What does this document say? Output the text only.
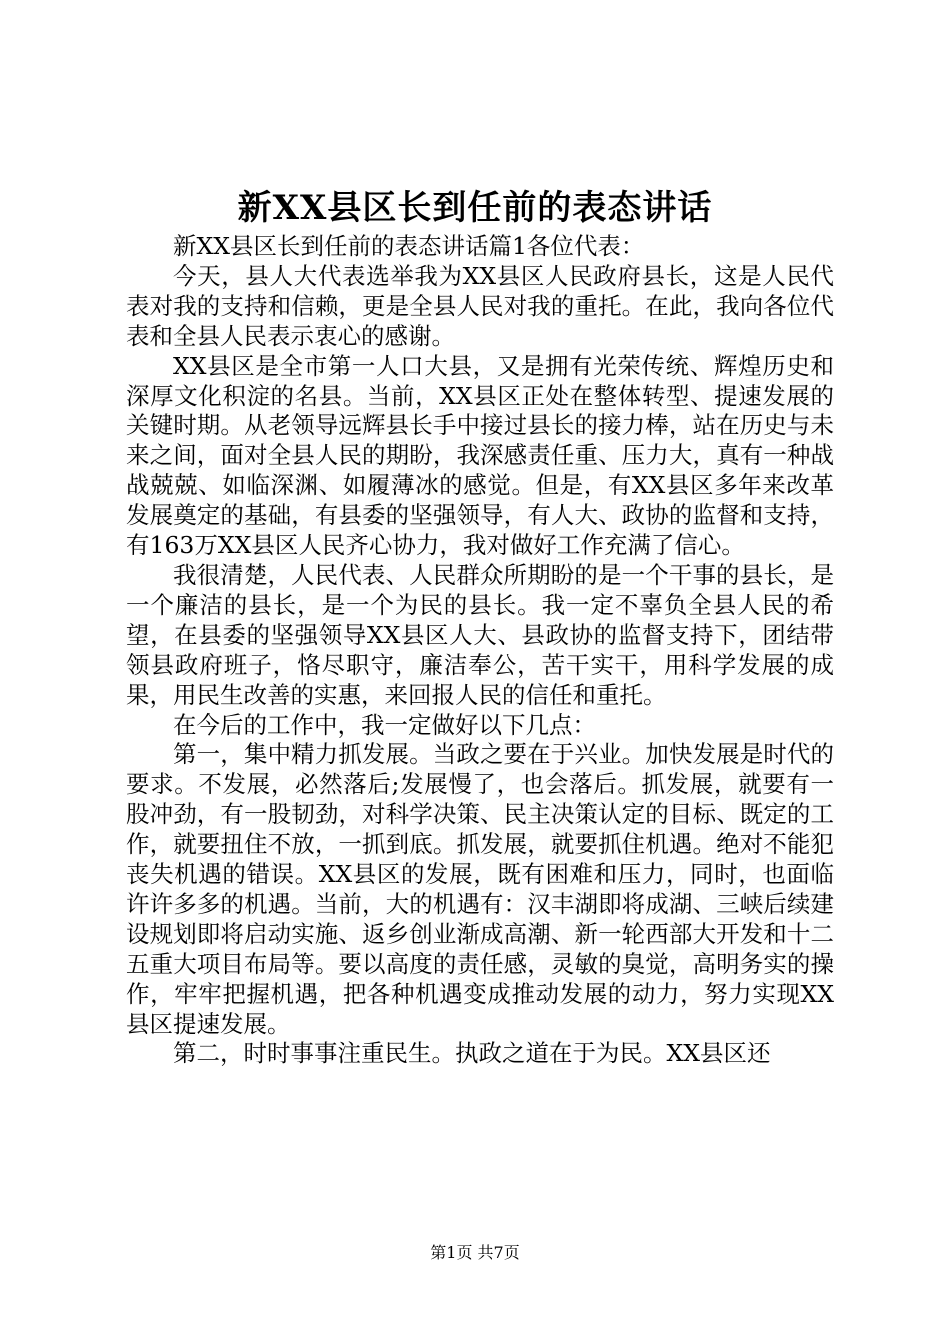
新XX县区长到任前的表态讲话

新XX县区长到任前的表态讲话篇1各位代表：

今天，县人大代表选举我为XX县区人民政府县长，这是人民代表对我的支持和信赖，更是全县人民对我的重托。在此，我向各位代表和全县人民表示衷心的感谢。

XX县区是全市第一人口大县，又是拥有光荣传统、辉煌历史和深厚文化积淀的名县。当前，XX县区正处在整体转型、提速发展的关键时期。从老领导远辉县长手中接过县长的接力棒，站在历史与未来之间，面对全县人民的期盼，我深感责任重、压力大，真有一种战战兢兢、如临深渊、如履薄冰的感觉。但是，有XX县区多年来改革发展奠定的基础，有县委的坚强领导，有人大、政协的监督和支持，有163万XX县区人民齐心协力，我对做好工作充满了信心。

我很清楚，人民代表、人民群众所期盼的是一个干事的县长，是一个廉洁的县长，是一个为民的县长。我一定不辜负全县人民的希望，在县委的坚强领导XX县区人大、县政协的监督支持下，团结带领县政府班子，恪尽职守，廉洁奉公，苦干实干，用科学发展的成果，用民生改善的实惠，来回报人民的信任和重托。

在今后的工作中，我一定做好以下几点：

第一，集中精力抓发展。当政之要在于兴业。加快发展是时代的要求。不发展，必然落后;发展慢了，也会落后。抓发展，就要有一股冲劲，有一股韧劲，对科学决策、民主决策认定的目标、既定的工作，就要扭住不放，一抓到底。抓发展，就要抓住机遇。绝对不能犯丧失机遇的错误。XX县区的发展，既有困难和压力，同时，也面临许许多多的机遇。当前，大的机遇有：汉丰湖即将成湖、三峡后续建设规划即将启动实施、返乡创业渐成高潮、新一轮西部大开发和十二五重大项目布局等。要以高度的责任感，灵敏的臭觉，高明务实的操作，牢牢把握机遇，把各种机遇变成推动发展的动力，努力实现XX县区提速发展。

第二，时时事事注重民生。执政之道在于为民。XX县区还

第1页 共7页
